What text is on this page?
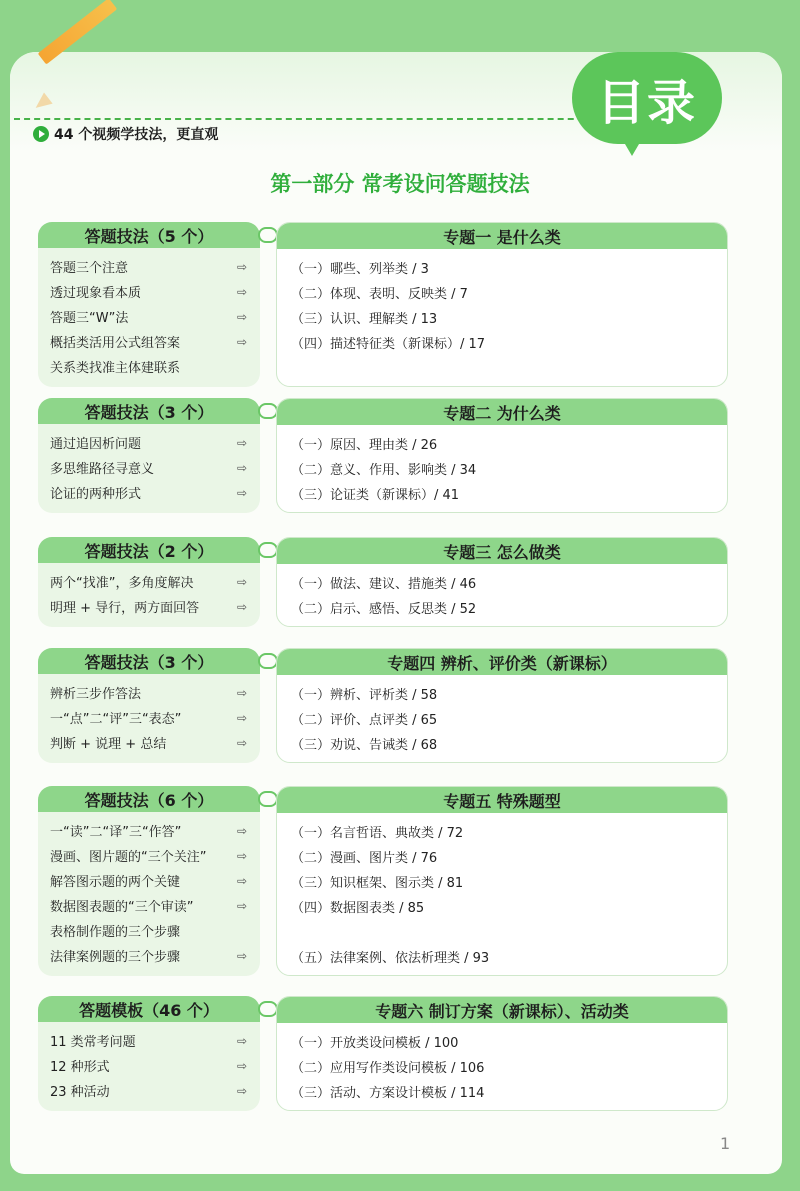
44 个视频学技法，更直观
目录
第一部分 常考设问答题技法
答题技法（5 个）
答题三个注意	⇨
透过现象看本质	⇨
答题三“W”法	⇨
概括类活用公式组答案	⇨
关系类找准主体建联系
专题一 是什么类
（一）哪些、列举类 / 3
（二）体现、表明、反映类 / 7
（三）认识、理解类 / 13
（四）描述特征类（新课标）/ 17
答题技法（3 个）
通过追因析问题	⇨
多思维路径寻意义	⇨
论证的两种形式	⇨
专题二 为什么类
（一）原因、理由类 / 26
（二）意义、作用、影响类 / 34
（三）论证类（新课标）/ 41
答题技法（2 个）
两个“找准”，多角度解决	⇨
明理 + 导行，两方面回答	⇨
专题三 怎么做类
（一）做法、建议、措施类 / 46
（二）启示、感悟、反思类 / 52
答题技法（3 个）
辨析三步作答法	⇨
一“点”二“评”三“表态”	⇨
判断 + 说理 + 总结	⇨
专题四 辨析、评价类（新课标）
（一）辨析、评析类 / 58
（二）评价、点评类 / 65
（三）劝说、告诫类 / 68
答题技法（6 个）
一“读”二“译”三“作答”	⇨
漫画、图片题的“三个关注”	⇨
解答图示题的两个关键	⇨
数据图表题的“三个审读”	⇨
表格制作题的三个步骤
法律案例题的三个步骤	⇨
专题五 特殊题型
（一）名言哲语、典故类 / 72
（二）漫画、图片类 / 76
（三）知识框架、图示类 / 81
（四）数据图表类 / 85
（五）法律案例、依法析理类 / 93
答题模板（46 个）
11 类常考问题	⇨
12 种形式	⇨
23 种活动	⇨
专题六 制订方案（新课标）、活动类
（一）开放类设问模板 / 100
（二）应用写作类设问模板 / 106
（三）活动、方案设计模板 / 114
1
